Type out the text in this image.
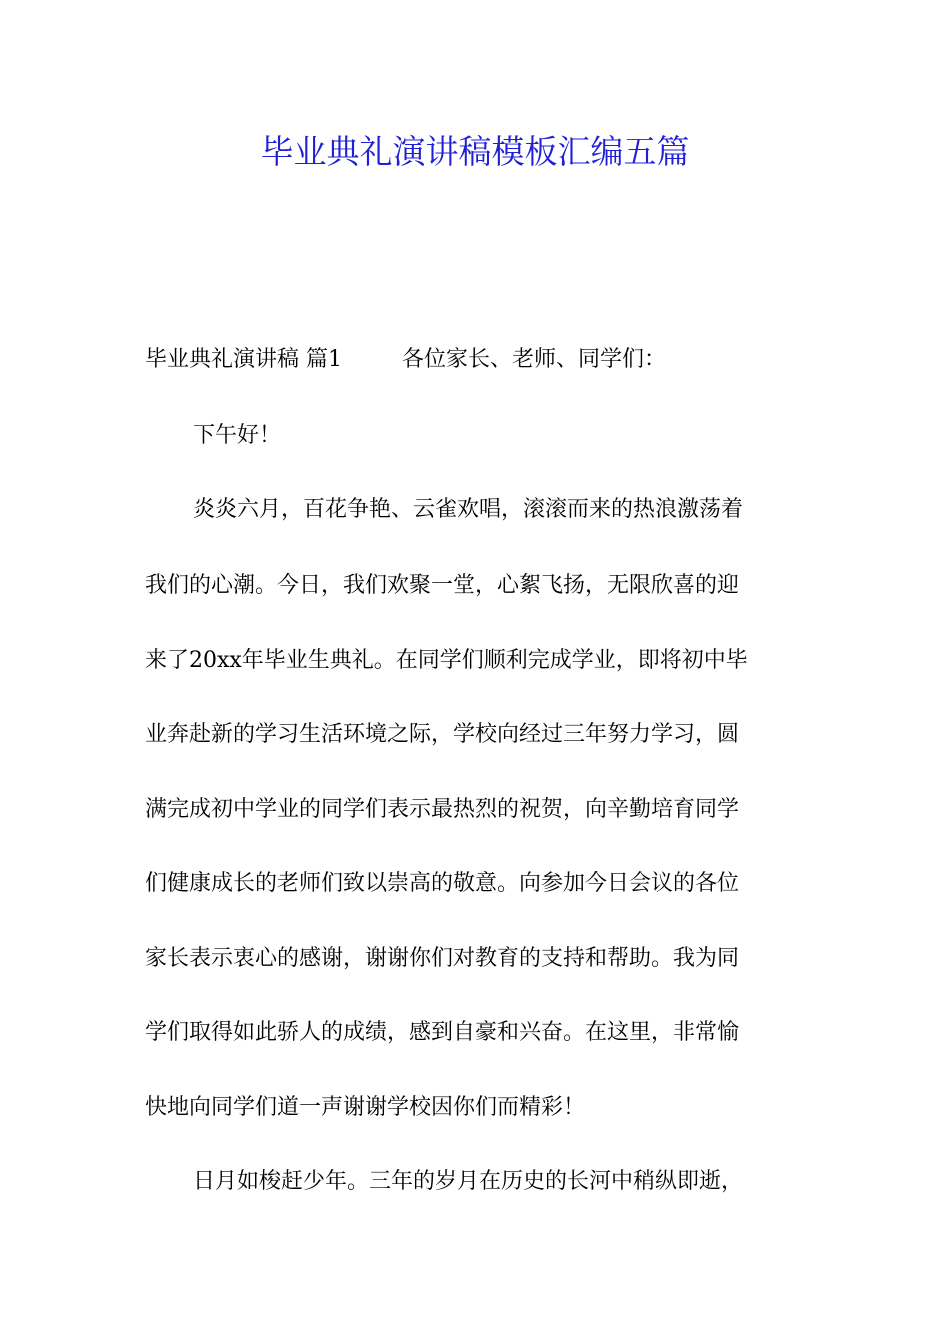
毕业典礼演讲稿模板汇编五篇
毕业典礼演讲稿 篇1	各位家长、老师、同学们：
下午好！
炎炎六月，百花争艳、云雀欢唱，滚滚而来的热浪激荡着
我们的心潮。今日，我们欢聚一堂，心絮飞扬，无限欣喜的迎
来了20xx年毕业生典礼。在同学们顺利完成学业，即将初中毕
业奔赴新的学习生活环境之际，学校向经过三年努力学习，圆
满完成初中学业的同学们表示最热烈的祝贺，向辛勤培育同学
们健康成长的老师们致以崇高的敬意。向参加今日会议的各位
家长表示衷心的感谢，谢谢你们对教育的支持和帮助。我为同
学们取得如此骄人的成绩，感到自豪和兴奋。在这里，非常愉
快地向同学们道一声谢谢学校因你们而精彩！
日月如梭赶少年。三年的岁月在历史的长河中稍纵即逝，
